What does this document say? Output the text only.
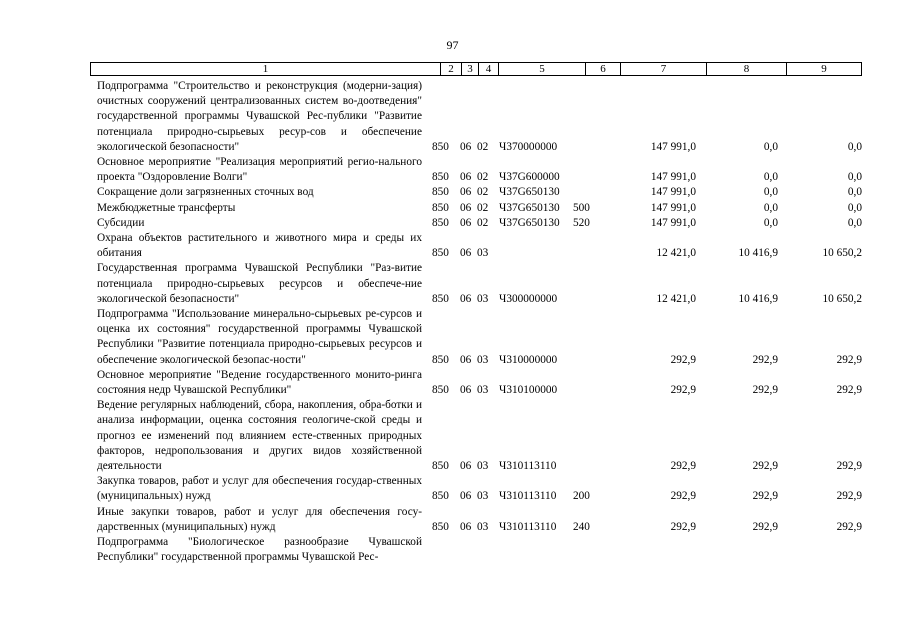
97
1	2	3	4	5	6	7	8	9
Подпрограмма "Строительство и реконструкция (модерни-зация) очистных сооружений централизованных систем во-доотведения" государственной программы Чувашской Рес-публики "Развитие потенциала природно-сырьевых ресур-сов и обеспечение экологической безопасности"	850 06 02 Ч370000000	147 991,0	0,0	0,0
Основное мероприятие "Реализация мероприятий регио-нального проекта "Оздоровление Волги"	850 06 02 Ч37G600000	147 991,0	0,0	0,0
Сокращение доли загрязненных сточных вод	850 06 02 Ч37G650130	147 991,0	0,0	0,0
Межбюджетные трансферты	850 06 02 Ч37G650130	500	147 991,0	0,0	0,0
Субсидии	850 06 02 Ч37G650130	520	147 991,0	0,0	0,0
Охрана объектов растительного и животного мира и среды их обитания	850 06 03	12 421,0	10 416,9	10 650,2
Государственная программа Чувашской Республики "Раз-витие потенциала природно-сырьевых ресурсов и обеспече-ние экологической безопасности"	850 06 03 Ч300000000	12 421,0	10 416,9	10 650,2
Подпрограмма "Использование минерально-сырьевых ре-сурсов и оценка их состояния" государственной программы Чувашской Республики "Развитие потенциала природно-сырьевых ресурсов и обеспечение экологической безопас-ности"	850 06 03 Ч310000000	292,9	292,9	292,9
Основное мероприятие "Ведение государственного монито-ринга состояния недр Чувашской Республики"	850 06 03 Ч310100000	292,9	292,9	292,9
Ведение регулярных наблюдений, сбора, накопления, обра-ботки и анализа информации, оценка состояния геологиче-ской среды и прогноз ее изменений под влиянием есте-ственных природных факторов, недропользования и других видов хозяйственной деятельности	850 06 03 Ч310113110	292,9	292,9	292,9
Закупка товаров, работ и услуг для обеспечения государ-ственных (муниципальных) нужд	850 06 03 Ч310113110	200	292,9	292,9	292,9
Иные закупки товаров, работ и услуг для обеспечения госу-дарственных (муниципальных) нужд	850 06 03 Ч310113110	240	292,9	292,9	292,9
Подпрограмма "Биологическое разнообразие Чувашской Республики" государственной программы Чувашской Рес-
